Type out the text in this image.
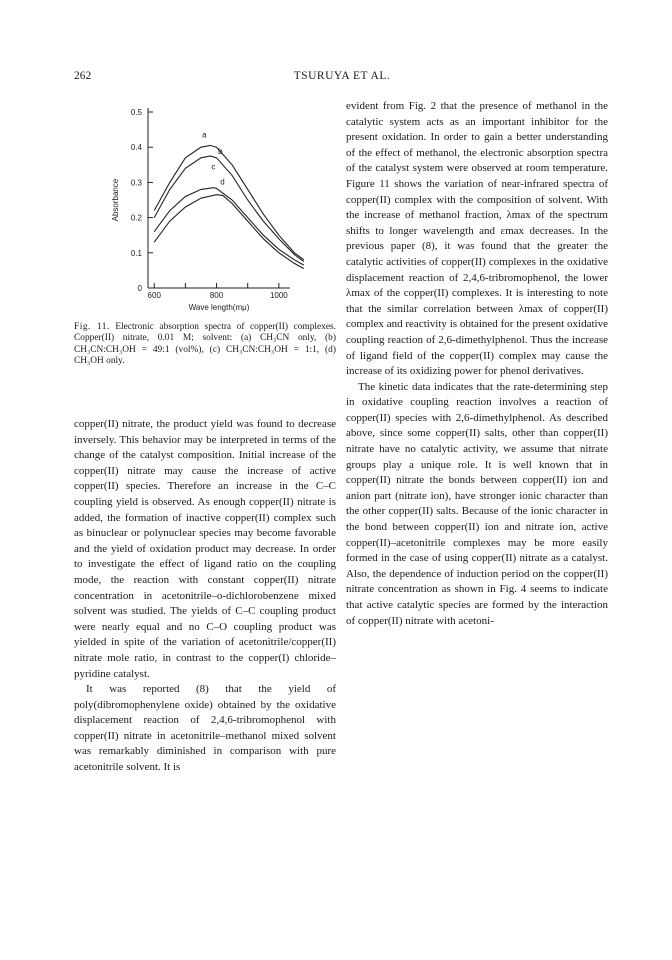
262	TSURUYA ET AL.
0
0.1
0.2
0.3
0.4
0.5
600	800	1000
Wave length(mμ)
Absorbance
a
b
c
d

Fig. 11. Electronic absorption spectra of copper(II) complexes. Copper(II) nitrate, 0.01 M; solvent: (a) CH₃CN only, (b) CH₃CN:CH₃OH = 49:1 (vol%), (c) CH₃CN:CH₃OH = 1:1, (d) CH₃OH only.

copper(II) nitrate, the product yield was found to decrease inversely. This behavior may be interpreted in terms of the change of the catalyst composition. Initial increase of the copper(II) nitrate may cause the increase of active copper(II) species. Therefore an increase in the C–C coupling yield is observed. As enough copper(II) nitrate is added, the formation of inactive copper(II) complex such as binuclear or polynuclear species may become favorable and the yield of oxidation product may decrease. In order to investigate the effect of ligand ratio on the coupling mode, the reaction with constant copper(II) nitrate concentration in acetonitrile–o-dichlorobenzene mixed solvent was studied. The yields of C–C coupling product were nearly equal and no C–O coupling product was yielded in spite of the variation of acetonitrile/copper(II) nitrate mole ratio, in contrast to the copper(I) chloride–pyridine catalyst.

It was reported (8) that the yield of poly(dibromophenylene oxide) obtained by the oxidative displacement reaction of 2,4,6-tribromophenol with copper(II) nitrate in acetonitrile–methanol mixed solvent was remarkably diminished in comparison with pure acetonitrile solvent. It is

evident from Fig. 2 that the presence of methanol in the catalytic system acts as an important inhibitor for the present oxidation. In order to gain a better understanding of the effect of methanol, the electronic absorption spectra of the catalyst system were observed at room temperature. Figure 11 shows the variation of near-infrared spectra of copper(II) complex with the composition of solvent. With the increase of methanol fraction, λmax of the spectrum shifts to longer wavelength and εmax decreases. In the previous paper (8), it was found that the greater the catalytic activities of copper(II) complexes in the oxidative displacement reaction of 2,4,6-tribromophenol, the lower λmax of the copper(II) complexes. It is interesting to note that the similar correlation between λmax of copper(II) complex and reactivity is obtained for the present oxidative coupling reaction of 2,6-dimethylphenol. Thus the increase of ligand field of the copper(II) complex may cause the increase of its oxidizing power for phenol derivatives.

The kinetic data indicates that the rate-determining step in oxidative coupling reaction involves a reaction of copper(II) species with 2,6-dimethylphenol. As described above, since some copper(II) salts, other than copper(II) nitrate have no catalytic activity, we assume that nitrate groups play a unique role. It is well known that in copper(II) nitrate the bonds between copper(II) ion and anion part (nitrate ion), have stronger ionic character than the other copper(II) salts. Because of the ionic character in the bond between copper(II) ion and nitrate ion, active copper(II)–acetonitrile complexes may be more easily formed in the case of using copper(II) nitrate as a catalyst. Also, the dependence of induction period on the copper(II) nitrate concentration as shown in Fig. 4 seems to indicate that active catalytic species are formed by the interaction of copper(II) nitrate with acetoni-
